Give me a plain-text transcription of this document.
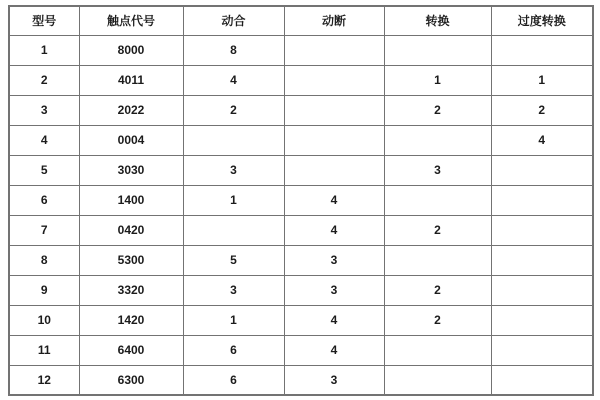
型号	触点代号	动合	动断	转换	过度转换
1	8000	8			
2	4011	4		1	1
3	2022	2		2	2
4	0004				4
5	3030	3		3	
6	1400	1	4		
7	0420		4	2	
8	5300	5	3		
9	3320	3	3	2	
10	1420	1	4	2	
11	6400	6	4		
12	6300	6	3		
